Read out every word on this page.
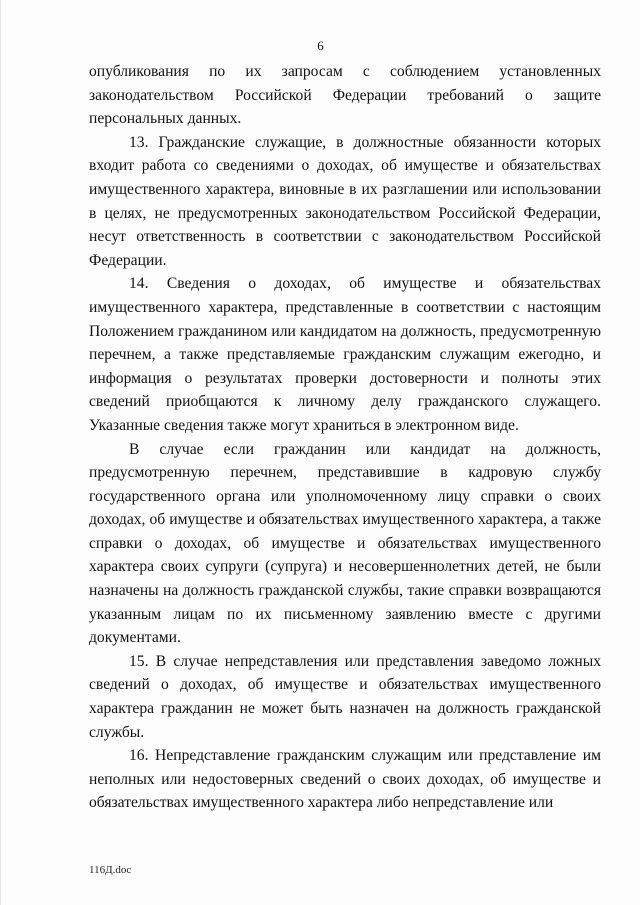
6

опубликования по их запросам с соблюдением установленных законодательством Российской Федерации требований о защите персональных данных.

13. Гражданские служащие, в должностные обязанности которых входит работа со сведениями о доходах, об имуществе и обязательствах имущественного характера, виновные в их разглашении или использовании в целях, не предусмотренных законодательством Российской Федерации, несут ответственность в соответствии с законодательством Российской Федерации.

14. Сведения о доходах, об имуществе и обязательствах имущественного характера, представленные в соответствии с настоящим Положением гражданином или кандидатом на должность, предусмотренную перечнем, а также представляемые гражданским служащим ежегодно, и информация о результатах проверки достоверности и полноты этих сведений приобщаются к личному делу гражданского служащего. Указанные сведения также могут храниться в электронном виде.

В случае если гражданин или кандидат на должность, предусмотренную перечнем, представившие в кадровую службу государственного органа или уполномоченному лицу справки о своих доходах, об имуществе и обязательствах имущественного характера, а также справки о доходах, об имуществе и обязательствах имущественного характера своих супруги (супруга) и несовершеннолетних детей, не были назначены на должность гражданской службы, такие справки возвращаются указанным лицам по их письменному заявлению вместе с другими документами.

15. В случае непредставления или представления заведомо ложных сведений о доходах, об имуществе и обязательствах имущественного характера гражданин не может быть назначен на должность гражданской службы.

16. Непредставление гражданским служащим или представление им неполных или недостоверных сведений о своих доходах, об имуществе и обязательствах имущественного характера либо непредставление или

116Д.doc
